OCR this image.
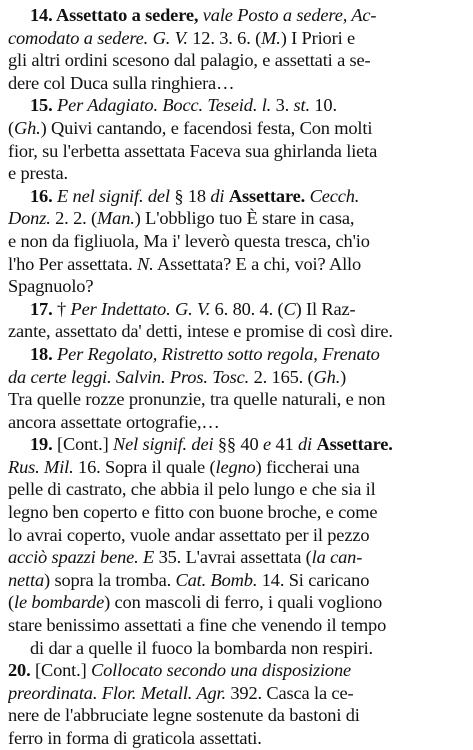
14. Assettato a sedere, vale Posto a sedere, Ac-
comodato a sedere. G. V. 12. 3. 6. (M.) I Priori e
gli altri ordini scesono dal palagio, e assettati a se-
dere col Duca sulla ringhiera…
15. Per Adagiato. Bocc. Teseid. l. 3. st. 10.
(Gh.) Quivi cantando, e facendosi festa, Con molti
fior, su l'erbetta assettata Faceva sua ghirlanda lieta
e presta.
16. E nel signif. del § 18 di Assettare. Cecch.
Donz. 2. 2. (Man.) L'obbligo tuo È stare in casa,
e non da figliuola, Ma i' leverò questa tresca, ch'io
l'ho Per assettata. N. Assettata? E a chi, voi? Allo
Spagnuolo?
17. † Per Indettato. G. V. 6. 80. 4. (C) Il Raz-
zante, assettato da' detti, intese e promise di così dire.
18. Per Regolato, Ristretto sotto regola, Frenato
da certe leggi. Salvin. Pros. Tosc. 2. 165. (Gh.)
Tra quelle rozze pronunzie, tra quelle naturali, e non
ancora assettate ortografie,…
19. [Cont.] Nel signif. dei §§ 40 e 41 di Assettare.
Rus. Mil. 16. Sopra il quale (legno) ficcherai una
pelle di castrato, che abbia il pelo lungo e che sia il
legno ben coperto e fitto con buone broche, e come
lo avrai coperto, vuole andar assettato per il pezzo
acciò spazzi bene. E 35. L'avrai assettata (la can-
netta) sopra la tromba. Cat. Bomb. 14. Si caricano
(le bombarde) con mascoli di ferro, i quali vogliono
stare benissimo assettati a fine che venendo il tempo
di dar a quelle il fuoco la bombarda non respiri.
20. [Cont.] Collocato secondo una disposizione
preordinata. Flor. Metall. Agr. 392. Casca la ce-
nere de l'abbruciate legne sostenute da bastoni di
ferro in forma di graticola assettati.
